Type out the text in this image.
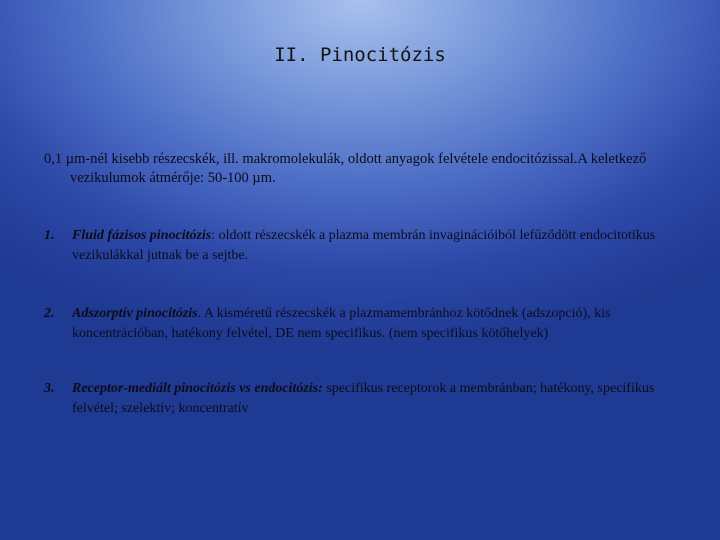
II. Pinocitózis
0,1 µm-nél kisebb részecskék, ill. makromolekulák, oldott anyagok felvétele endocitózissal.A keletkező vezikulumok átmérője: 50-100 µm.
1. Fluid fázisos pinocitózis: oldott részecskék a plazma membrán invaginációiból lefűződött endocitotikus vezikulákkal jutnak be a sejtbe.
2. Adszorptív pinocitózis. A kisméretű részecskék a plazmamembránhoz kötődnek (adszopció), kis koncentrációban, hatékony felvétel, DE nem specifikus. (nem specifikus kötőhelyek)
3. Receptor-mediált pinocitózis vs endocitózis: specifikus receptorok a membránban; hatékony, specifikus felvétel; szelektív; koncentratív
